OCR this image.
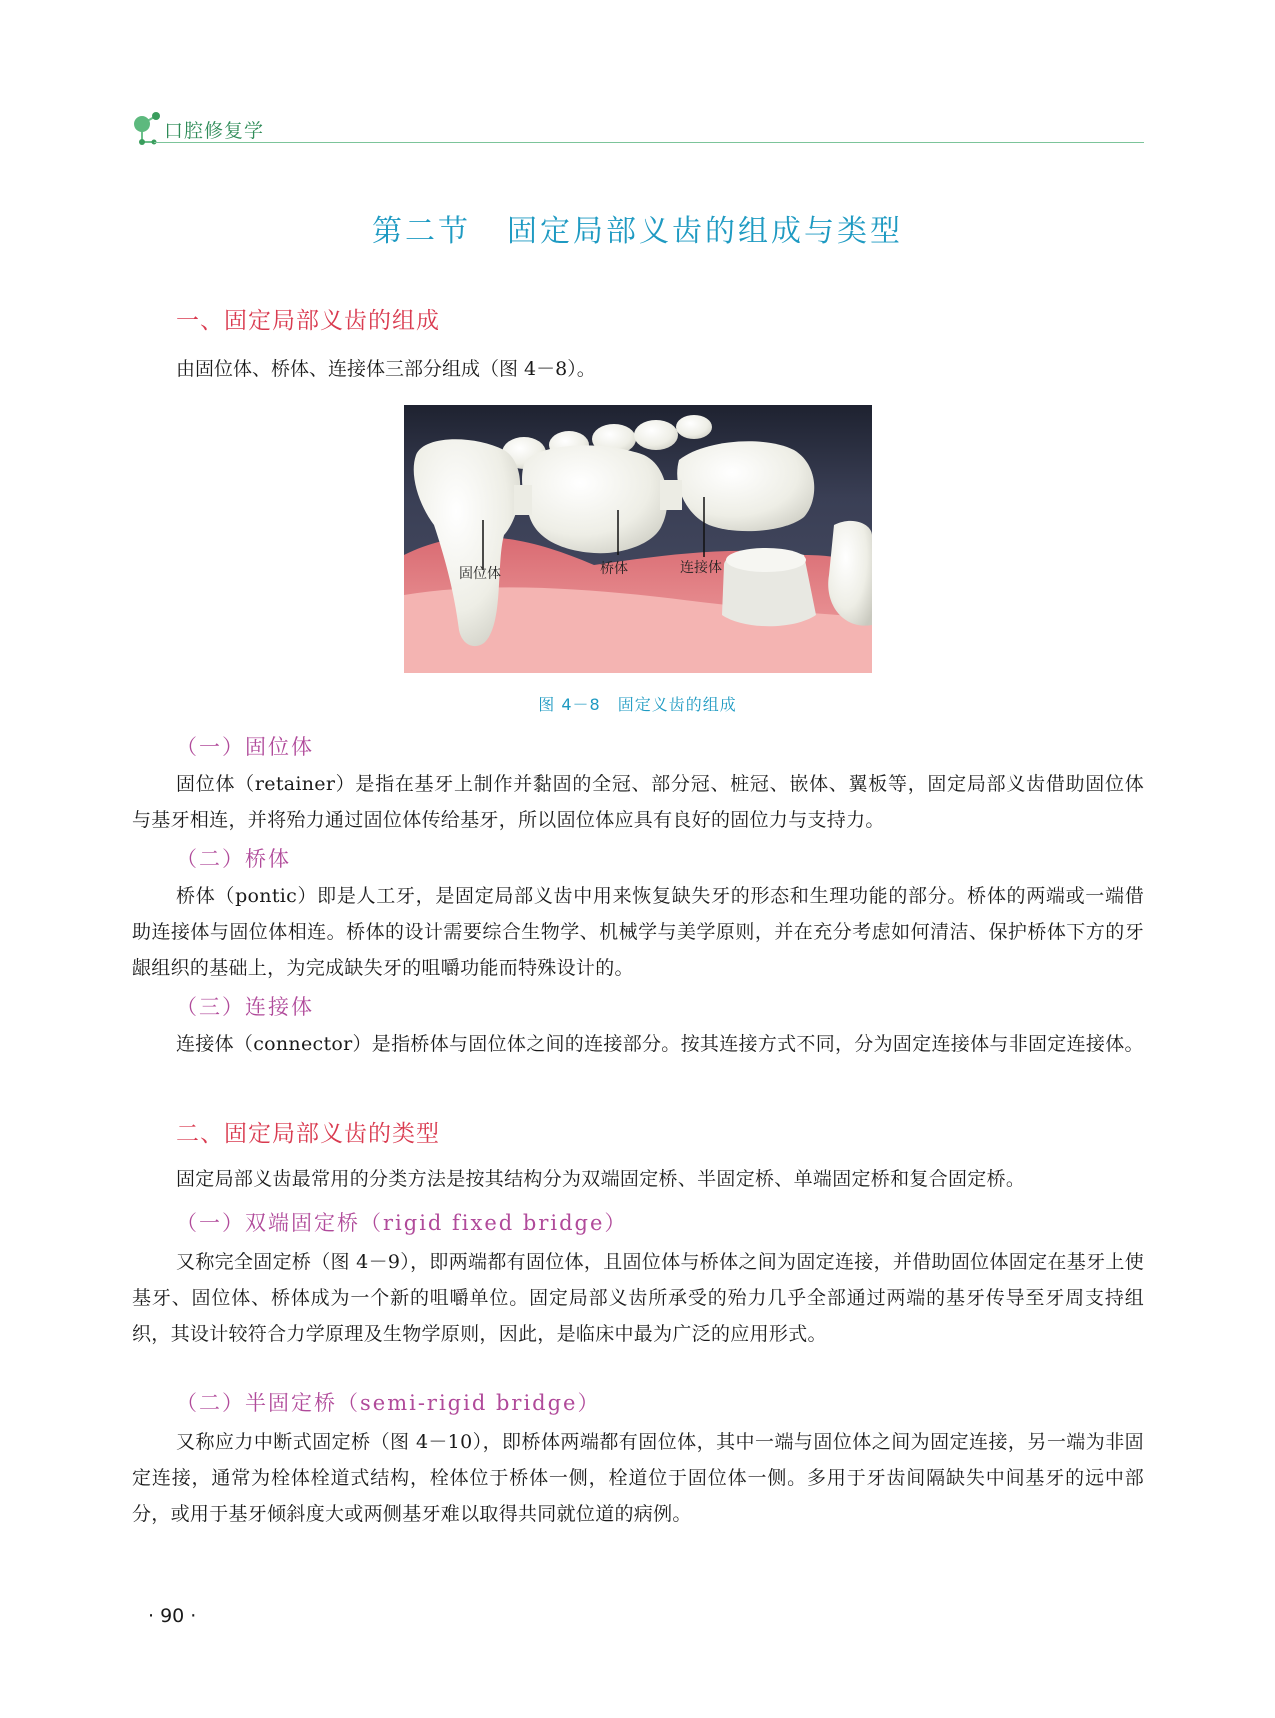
口腔修复学
第二节 固定局部义齿的组成与类型
一、固定局部义齿的组成
由固位体、桥体、连接体三部分组成（图 4－8）。
固位体	桥体	连接体
图 4－8　固定义齿的组成
（一）固位体
固位体（retainer）是指在基牙上制作并黏固的全冠、部分冠、桩冠、嵌体、翼板等，固定局部义齿借助固位体与基牙相连，并将殆力通过固位体传给基牙，所以固位体应具有良好的固位力与支持力。
（二）桥体
桥体（pontic）即是人工牙，是固定局部义齿中用来恢复缺失牙的形态和生理功能的部分。桥体的两端或一端借助连接体与固位体相连。桥体的设计需要综合生物学、机械学与美学原则，并在充分考虑如何清洁、保护桥体下方的牙龈组织的基础上，为完成缺失牙的咀嚼功能而特殊设计的。
（三）连接体
连接体（connector）是指桥体与固位体之间的连接部分。按其连接方式不同，分为固定连接体与非固定连接体。
二、固定局部义齿的类型
固定局部义齿最常用的分类方法是按其结构分为双端固定桥、半固定桥、单端固定桥和复合固定桥。
（一）双端固定桥（rigid fixed bridge）
又称完全固定桥（图 4－9），即两端都有固位体，且固位体与桥体之间为固定连接，并借助固位体固定在基牙上使基牙、固位体、桥体成为一个新的咀嚼单位。固定局部义齿所承受的殆力几乎全部通过两端的基牙传导至牙周支持组织，其设计较符合力学原理及生物学原则，因此，是临床中最为广泛的应用形式。
（二）半固定桥（semi-rigid bridge）
又称应力中断式固定桥（图 4－10），即桥体两端都有固位体，其中一端与固位体之间为固定连接，另一端为非固定连接，通常为栓体栓道式结构，栓体位于桥体一侧，栓道位于固位体一侧。多用于牙齿间隔缺失中间基牙的远中部分，或用于基牙倾斜度大或两侧基牙难以取得共同就位道的病例。
· 90 ·
